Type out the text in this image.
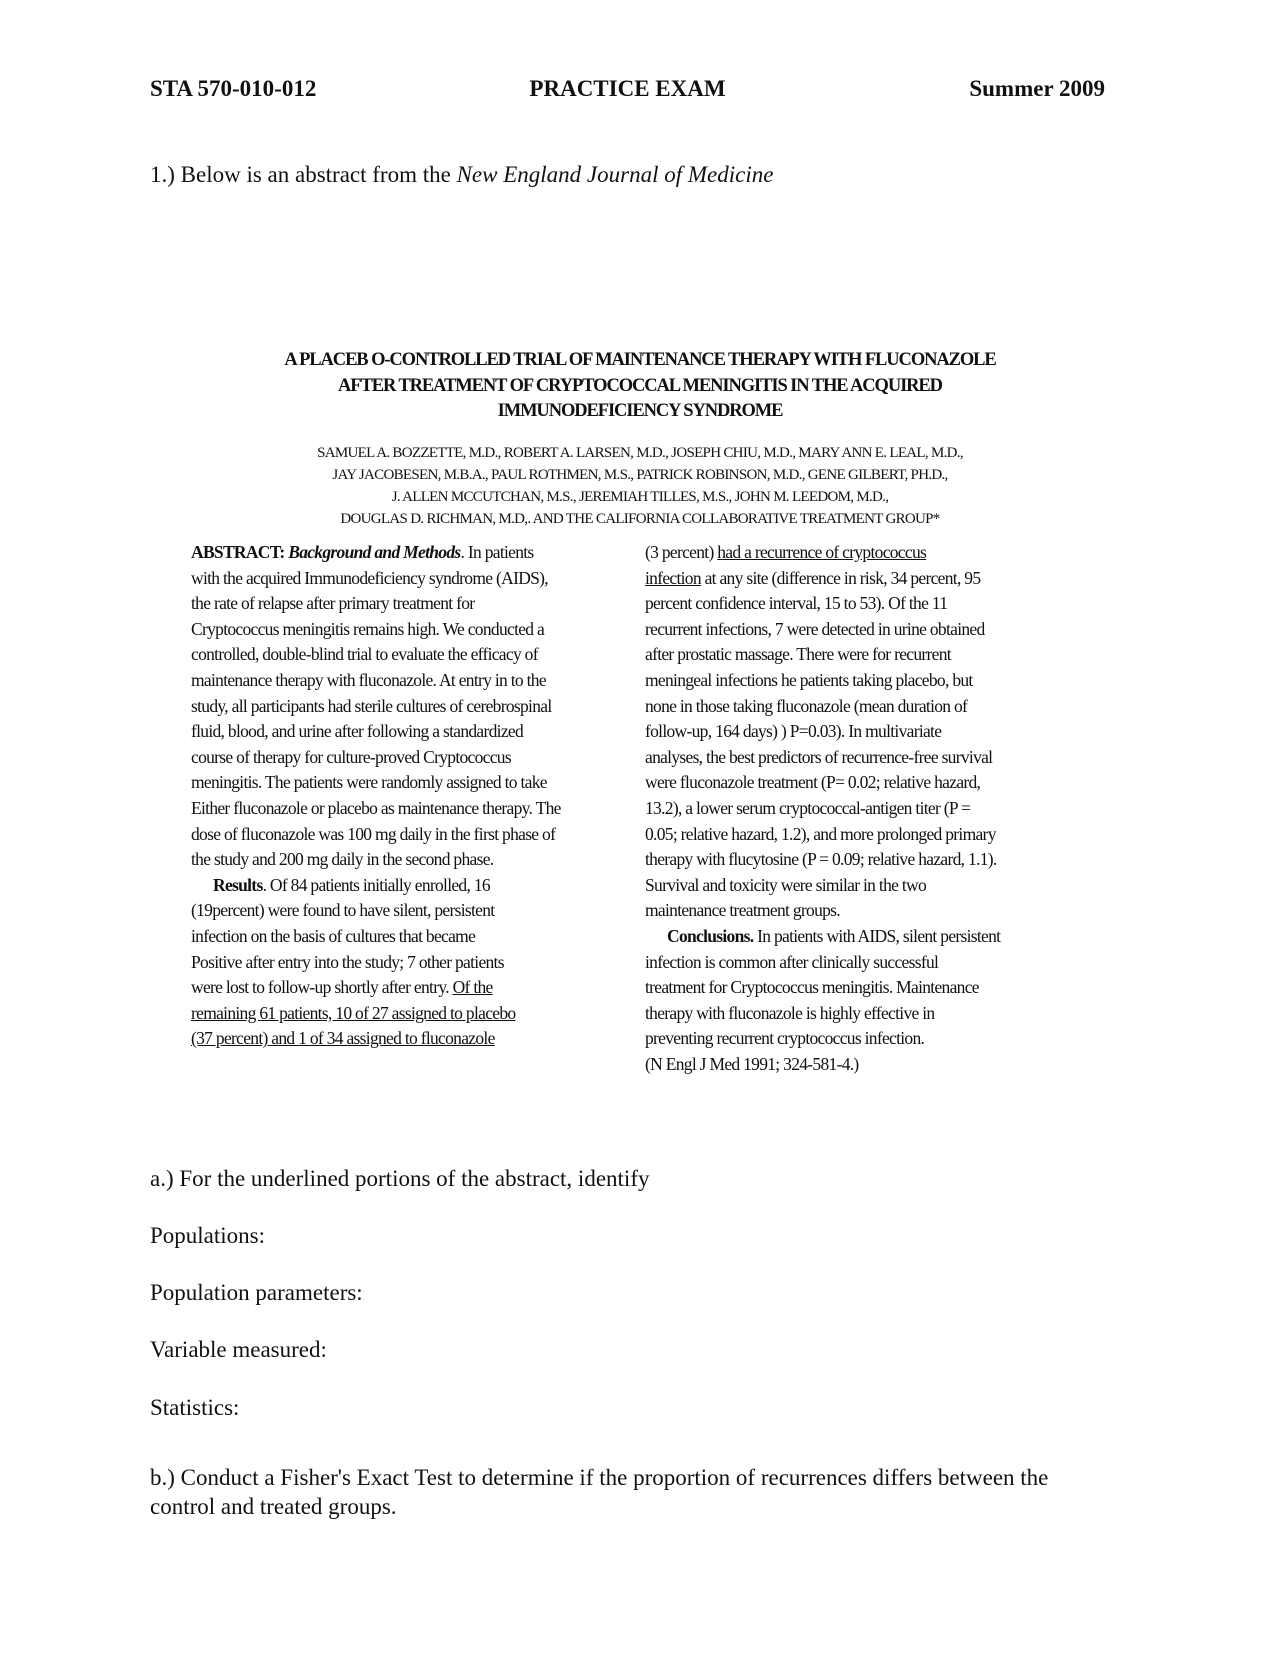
STA 570-010-012	PRACTICE EXAM	Summer 2009
1.) Below is an abstract from the New England Journal of Medicine
A PLACEB O-CONTROLLED TRIAL OF MAINTENANCE THERAPY WITH FLUCONAZOLE
AFTER TREATMENT OF CRYPTOCOCCAL MENINGITIS IN THE ACQUIRED
IMMUNODEFICIENCY SYNDROME
SAMUEL A. BOZZETTE, M.D., ROBERT A. LARSEN, M.D., JOSEPH CHIU, M.D., MARY ANN E. LEAL, M.D.,
JAY JACOBESEN, M.B.A., PAUL ROTHMEN, M.S., PATRICK ROBINSON, M.D., GENE GILBERT, PH.D.,
J. ALLEN MCCUTCHAN, M.S., JEREMIAH TILLES, M.S., JOHN M. LEEDOM, M.D.,
DOUGLAS D. RICHMAN, M.D,. AND THE CALIFORNIA COLLABORATIVE TREATMENT GROUP*

ABSTRACT: Background and Methods. In patients

with the acquired Immunodeficiency syndrome (AIDS),

the rate of relapse after primary treatment for

Cryptococcus meningitis remains high. We conducted a

controlled, double-blind trial to evaluate the efficacy of

maintenance therapy with fluconazole. At entry in to the

study, all participants had sterile cultures of cerebrospinal

fluid, blood, and urine after following a standardized

course of therapy for culture-proved Cryptococcus

meningitis. The patients were randomly assigned to take

Either fluconazole or placebo as maintenance therapy. The

dose of fluconazole was 100 mg daily in the first phase of

the study and 200 mg daily in the second phase.

Results. Of 84 patients initially enrolled, 16

(19percent) were found to have silent, persistent

infection on the basis of cultures that became

Positive after entry into the study; 7 other patients

were lost to follow-up shortly after entry. Of the

remaining 61 patients, 10 of 27 assigned to placebo

(37 percent) and 1 of 34 assigned to fluconazole

(3 percent) had a recurrence of cryptococcus

infection at any site (difference in risk, 34 percent, 95

percent confidence interval, 15 to 53). Of the 11

recurrent infections, 7 were detected in urine obtained

after prostatic massage. There were for recurrent

meningeal infections he patients taking placebo, but

none in those taking fluconazole (mean duration of

follow-up, 164 days) ) P=0.03). In multivariate

analyses, the best predictors of recurrence-free survival

were fluconazole treatment (P= 0.02; relative hazard,

13.2), a lower serum cryptococcal-antigen titer (P =

0.05; relative hazard, 1.2), and more prolonged primary

therapy with flucytosine (P = 0.09; relative hazard, 1.1).

Survival and toxicity were similar in the two

maintenance treatment groups.

Conclusions. In patients with AIDS, silent persistent

infection is common after clinically successful

treatment for Cryptococcus meningitis. Maintenance

therapy with fluconazole is highly effective in

preventing recurrent cryptococcus infection.

(N Engl J Med 1991; 324-581-4.)

a.) For the underlined portions of the abstract, identify
Populations:
Population parameters:
Variable measured:
Statistics:
b.) Conduct a Fisher's Exact Test to determine if the proportion of recurrences differs between the control and treated groups.
